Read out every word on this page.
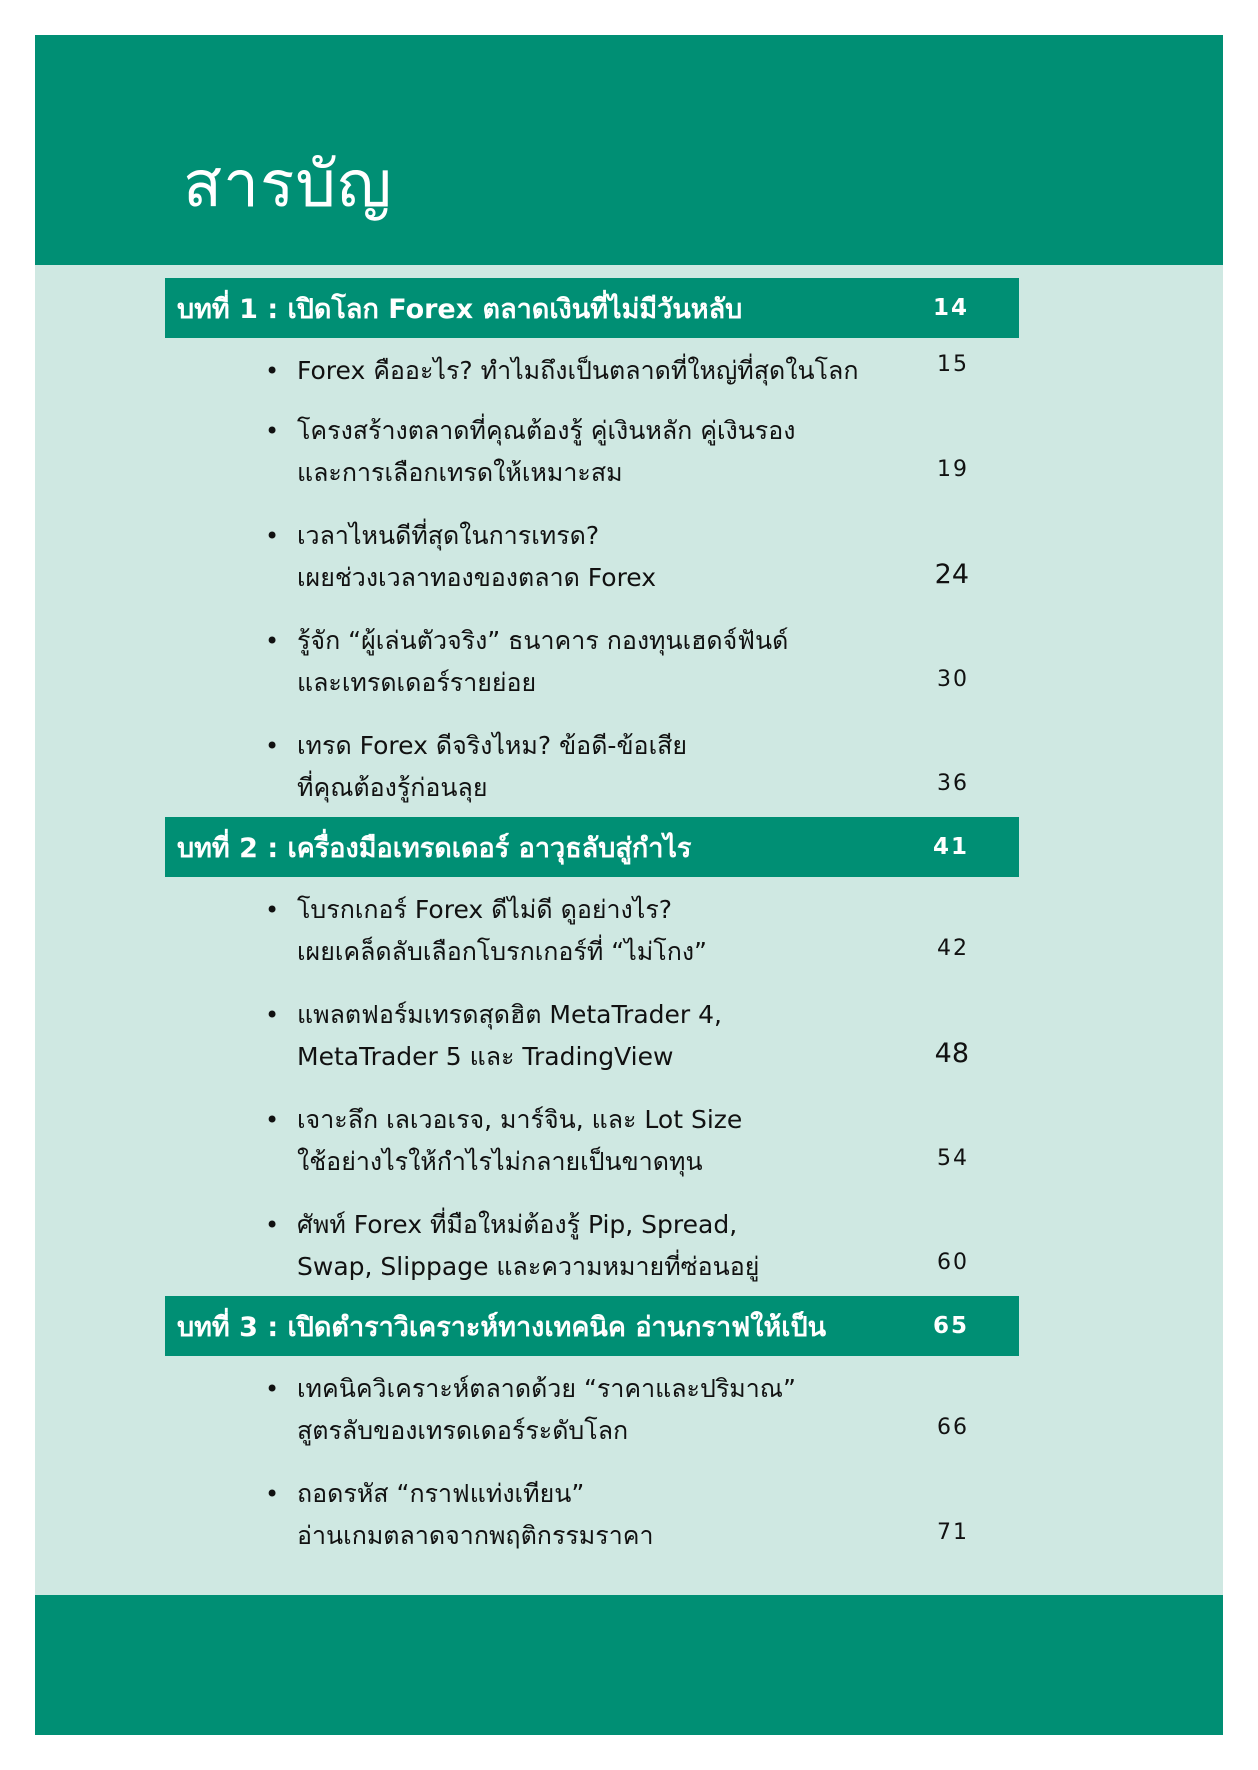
สารบัญ
บทที่ 1 : เปิดโลก Forex ตลาดเงินที่ไม่มีวันหลับ	14
• Forex คืออะไร? ทำไมถึงเป็นตลาดที่ใหญ่ที่สุดในโลก	15
• โครงสร้างตลาดที่คุณต้องรู้ คู่เงินหลัก คู่เงินรอง
และการเลือกเทรดให้เหมาะสม	19
• เวลาไหนดีที่สุดในการเทรด?
เผยช่วงเวลาทองของตลาด Forex	24
• รู้จัก “ผู้เล่นตัวจริง” ธนาคาร กองทุนเฮดจ์ฟันด์
และเทรดเดอร์รายย่อย	30
• เทรด Forex ดีจริงไหม? ข้อดี-ข้อเสีย
ที่คุณต้องรู้ก่อนลุย	36
บทที่ 2 : เครื่องมือเทรดเดอร์ อาวุธลับสู่กำไร	41
• โบรกเกอร์ Forex ดีไม่ดี ดูอย่างไร?
เผยเคล็ดลับเลือกโบรกเกอร์ที่ “ไม่โกง”	42
• แพลตฟอร์มเทรดสุดฮิต MetaTrader 4,
MetaTrader 5 และ TradingView	48
• เจาะลึก เลเวอเรจ, มาร์จิน, และ Lot Size
ใช้อย่างไรให้กำไรไม่กลายเป็นขาดทุน	54
• ศัพท์ Forex ที่มือใหม่ต้องรู้ Pip, Spread,
Swap, Slippage และความหมายที่ซ่อนอยู่	60
บทที่ 3 : เปิดตำราวิเคราะห์ทางเทคนิค อ่านกราฟให้เป็น	65
• เทคนิควิเคราะห์ตลาดด้วย “ราคาและปริมาณ”
สูตรลับของเทรดเดอร์ระดับโลก	66
• ถอดรหัส “กราฟแท่งเทียน”
อ่านเกมตลาดจากพฤติกรรมราคา	71
